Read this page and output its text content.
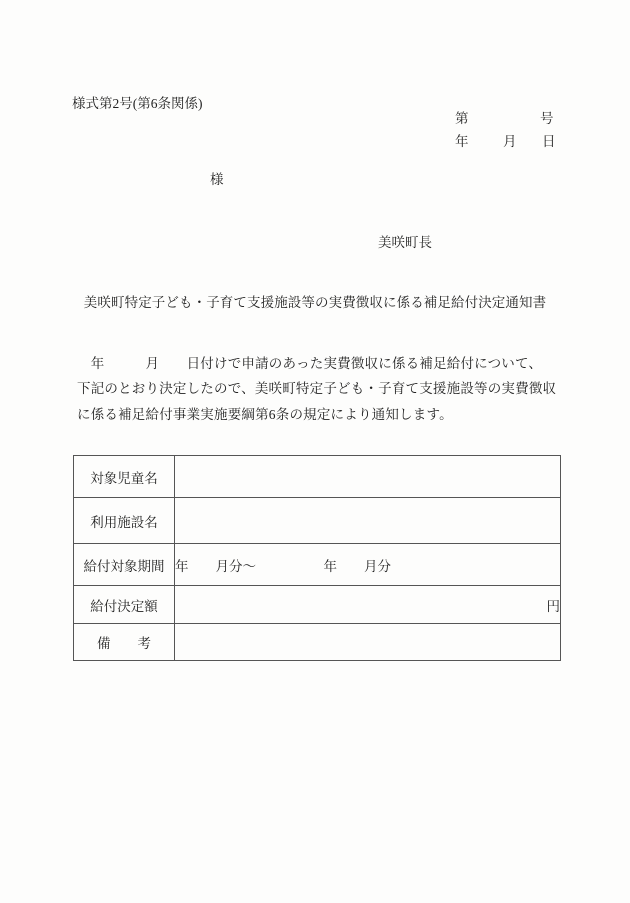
様式第2号(第6条関係)
第	号
年	月 日
様
美咲町長
美咲町特定子ども・子育て支援施設等の実費徴収に係る補足給付決定通知書
　年　　　月　　日付けで申請のあった実費徴収に係る補足給付について、
下記のとおり決定したので、美咲町特定子ども・子育て支援施設等の実費徴収
に係る補足給付事業実施要綱第6条の規定により通知します。
対象児童名	
利用施設名	
給付対象期間	年　　月分～　　　　　年　　月分
給付決定額	円
備　　考	
